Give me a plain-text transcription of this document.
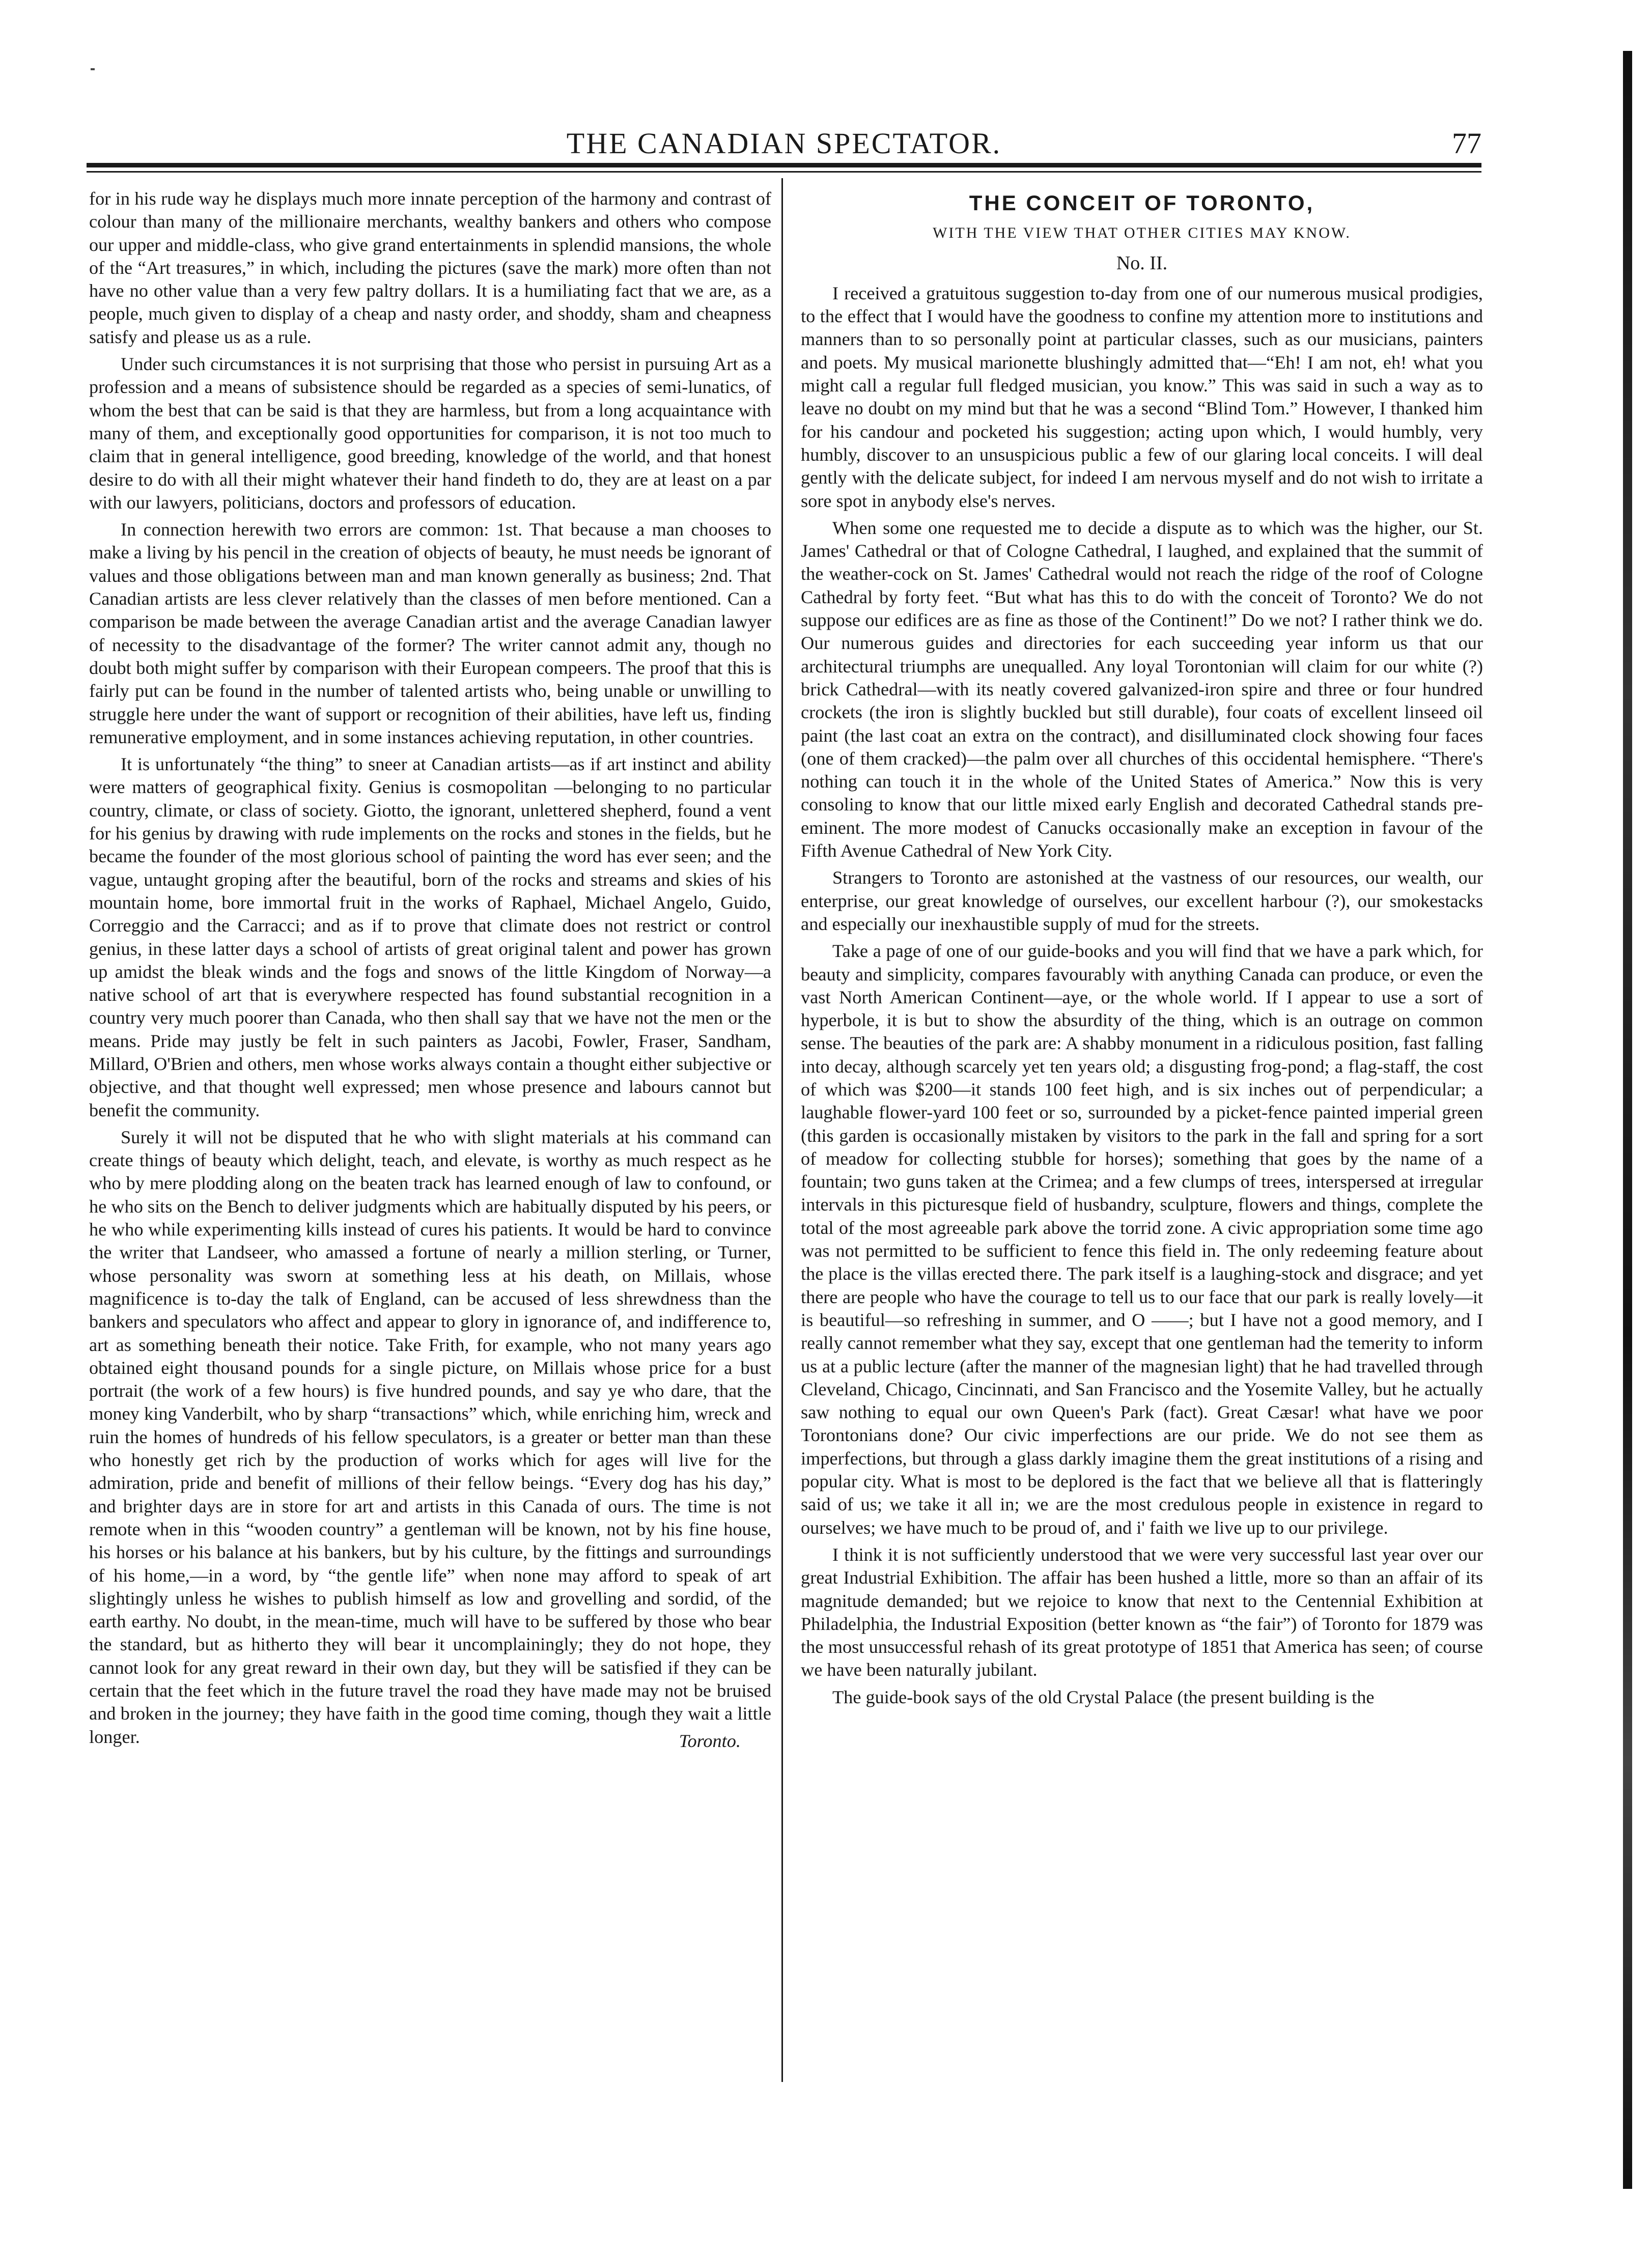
THE CANADIAN SPECTATOR.	77

for in his rude way he displays much more innate perception of the harmony and contrast of colour than many of the millionaire merchants, wealthy bankers and others who compose our upper and middle-class, who give grand entertainments in splendid mansions, the whole of the “Art treasures,” in which, including the pictures (save the mark) more often than not have no other value than a very few paltry dollars. It is a humiliating fact that we are, as a people, much given to display of a cheap and nasty order, and shoddy, sham and cheapness satisfy and please us as a rule.

Under such circumstances it is not surprising that those who persist in pursuing Art as a profession and a means of subsistence should be regarded as a species of semi-lunatics, of whom the best that can be said is that they are harmless, but from a long acquaintance with many of them, and exceptionally good opportunities for comparison, it is not too much to claim that in general intelligence, good breeding, knowledge of the world, and that honest desire to do with all their might whatever their hand findeth to do, they are at least on a par with our lawyers, politicians, doctors and professors of education.

In connection herewith two errors are common: 1st. That because a man chooses to make a living by his pencil in the creation of objects of beauty, he must needs be ignorant of values and those obligations between man and man known generally as business; 2nd. That Canadian artists are less clever relatively than the classes of men before mentioned. Can a comparison be made between the average Canadian artist and the average Canadian lawyer of necessity to the disadvantage of the former? The writer cannot admit any, though no doubt both might suffer by comparison with their European compeers. The proof that this is fairly put can be found in the number of talented artists who, being unable or unwilling to struggle here under the want of support or recognition of their abilities, have left us, finding remunerative employment, and in some instances achieving reputation, in other countries.

It is unfortunately “the thing” to sneer at Canadian artists—as if art instinct and ability were matters of geographical fixity. Genius is cosmopolitan —belonging to no particular country, climate, or class of society. Giotto, the ignorant, unlettered shepherd, found a vent for his genius by drawing with rude implements on the rocks and stones in the fields, but he became the founder of the most glorious school of painting the word has ever seen; and the vague, untaught groping after the beautiful, born of the rocks and streams and skies of his mountain home, bore immortal fruit in the works of Raphael, Michael Angelo, Guido, Correggio and the Carracci; and as if to prove that climate does not restrict or control genius, in these latter days a school of artists of great original talent and power has grown up amidst the bleak winds and the fogs and snows of the little Kingdom of Norway—a native school of art that is everywhere respected has found substantial recognition in a country very much poorer than Canada, who then shall say that we have not the men or the means. Pride may justly be felt in such painters as Jacobi, Fowler, Fraser, Sandham, Millard, O'Brien and others, men whose works always contain a thought either subjective or objective, and that thought well expressed; men whose presence and labours cannot but benefit the community.

Surely it will not be disputed that he who with slight materials at his command can create things of beauty which delight, teach, and elevate, is worthy as much respect as he who by mere plodding along on the beaten track has learned enough of law to confound, or he who sits on the Bench to deliver judgments which are habitually disputed by his peers, or he who while experimenting kills instead of cures his patients. It would be hard to convince the writer that Landseer, who amassed a fortune of nearly a million sterling, or Turner, whose personality was sworn at something less at his death, on Millais, whose magnificence is to-day the talk of England, can be accused of less shrewdness than the bankers and speculators who affect and appear to glory in ignorance of, and indifference to, art as something beneath their notice. Take Frith, for example, who not many years ago obtained eight thousand pounds for a single picture, on Millais whose price for a bust portrait (the work of a few hours) is five hundred pounds, and say ye who dare, that the money king Vanderbilt, who by sharp “transactions” which, while enriching him, wreck and ruin the homes of hundreds of his fellow speculators, is a greater or better man than these who honestly get rich by the production of works which for ages will live for the admiration, pride and benefit of millions of their fellow beings. “Every dog has his day,” and brighter days are in store for art and artists in this Canada of ours. The time is not remote when in this “wooden country” a gentleman will be known, not by his fine house, his horses or his balance at his bankers, but by his culture, by the fittings and surroundings of his home,—in a word, by “the gentle life” when none may afford to speak of art slightingly unless he wishes to publish himself as low and grovelling and sordid, of the earth earthy. No doubt, in the mean-time, much will have to be suffered by those who bear the standard, but as hitherto they will bear it uncomplainingly; they do not hope, they cannot look for any great reward in their own day, but they will be satisfied if they can be certain that the feet which in the future travel the road they have made may not be bruised and broken in the journey; they have faith in the good time coming, though they wait a little longer.	Toronto.
THE CONCEIT OF TORONTO,
WITH THE VIEW THAT OTHER CITIES MAY KNOW.
No. II.

I received a gratuitous suggestion to-day from one of our numerous musical prodigies, to the effect that I would have the goodness to confine my attention more to institutions and manners than to so personally point at particular classes, such as our musicians, painters and poets. My musical marionette blushingly admitted that—“Eh! I am not, eh! what you might call a regular full fledged musician, you know.” This was said in such a way as to leave no doubt on my mind but that he was a second “Blind Tom.” However, I thanked him for his candour and pocketed his suggestion; acting upon which, I would humbly, very humbly, discover to an unsuspicious public a few of our glaring local conceits. I will deal gently with the delicate subject, for indeed I am nervous myself and do not wish to irritate a sore spot in anybody else's nerves.

When some one requested me to decide a dispute as to which was the higher, our St. James' Cathedral or that of Cologne Cathedral, I laughed, and explained that the summit of the weather-cock on St. James' Cathedral would not reach the ridge of the roof of Cologne Cathedral by forty feet. “But what has this to do with the conceit of Toronto? We do not suppose our edifices are as fine as those of the Continent!” Do we not? I rather think we do. Our numerous guides and directories for each succeeding year inform us that our architectural triumphs are unequalled. Any loyal Torontonian will claim for our white (?) brick Cathedral—with its neatly covered galvanized-iron spire and three or four hundred crockets (the iron is slightly buckled but still durable), four coats of excellent linseed oil paint (the last coat an extra on the contract), and disilluminated clock showing four faces (one of them cracked)—the palm over all churches of this occidental hemisphere. “There's nothing can touch it in the whole of the United States of America.” Now this is very consoling to know that our little mixed early English and decorated Cathedral stands pre-eminent. The more modest of Canucks occasionally make an exception in favour of the Fifth Avenue Cathedral of New York City.

Strangers to Toronto are astonished at the vastness of our resources, our wealth, our enterprise, our great knowledge of ourselves, our excellent harbour (?), our smokestacks and especially our inexhaustible supply of mud for the streets.

Take a page of one of our guide-books and you will find that we have a park which, for beauty and simplicity, compares favourably with anything Canada can produce, or even the vast North American Continent—aye, or the whole world. If I appear to use a sort of hyperbole, it is but to show the absurdity of the thing, which is an outrage on common sense. The beauties of the park are: A shabby monument in a ridiculous position, fast falling into decay, although scarcely yet ten years old; a disgusting frog-pond; a flag-staff, the cost of which was $200—it stands 100 feet high, and is six inches out of perpendicular; a laughable flower-yard 100 feet or so, surrounded by a picket-fence painted imperial green (this garden is occasionally mistaken by visitors to the park in the fall and spring for a sort of meadow for collecting stubble for horses); something that goes by the name of a fountain; two guns taken at the Crimea; and a few clumps of trees, interspersed at irregular intervals in this picturesque field of husbandry, sculpture, flowers and things, complete the total of the most agreeable park above the torrid zone. A civic appropriation some time ago was not permitted to be sufficient to fence this field in. The only redeeming feature about the place is the villas erected there. The park itself is a laughing-stock and disgrace; and yet there are people who have the courage to tell us to our face that our park is really lovely—it is beautiful—so refreshing in summer, and O ——; but I have not a good memory, and I really cannot remember what they say, except that one gentleman had the temerity to inform us at a public lecture (after the manner of the magnesian light) that he had travelled through Cleveland, Chicago, Cincinnati, and San Francisco and the Yosemite Valley, but he actually saw nothing to equal our own Queen's Park (fact). Great Cæsar! what have we poor Torontonians done? Our civic imperfections are our pride. We do not see them as imperfections, but through a glass darkly imagine them the great institutions of a rising and popular city. What is most to be deplored is the fact that we believe all that is flatteringly said of us; we take it all in; we are the most credulous people in existence in regard to ourselves; we have much to be proud of, and i' faith we live up to our privilege.

I think it is not sufficiently understood that we were very successful last year over our great Industrial Exhibition. The affair has been hushed a little, more so than an affair of its magnitude demanded; but we rejoice to know that next to the Centennial Exhibition at Philadelphia, the Industrial Exposition (better known as “the fair”) of Toronto for 1879 was the most unsuccessful rehash of its great prototype of 1851 that America has seen; of course we have been naturally jubilant.

The guide-book says of the old Crystal Palace (the present building is the
